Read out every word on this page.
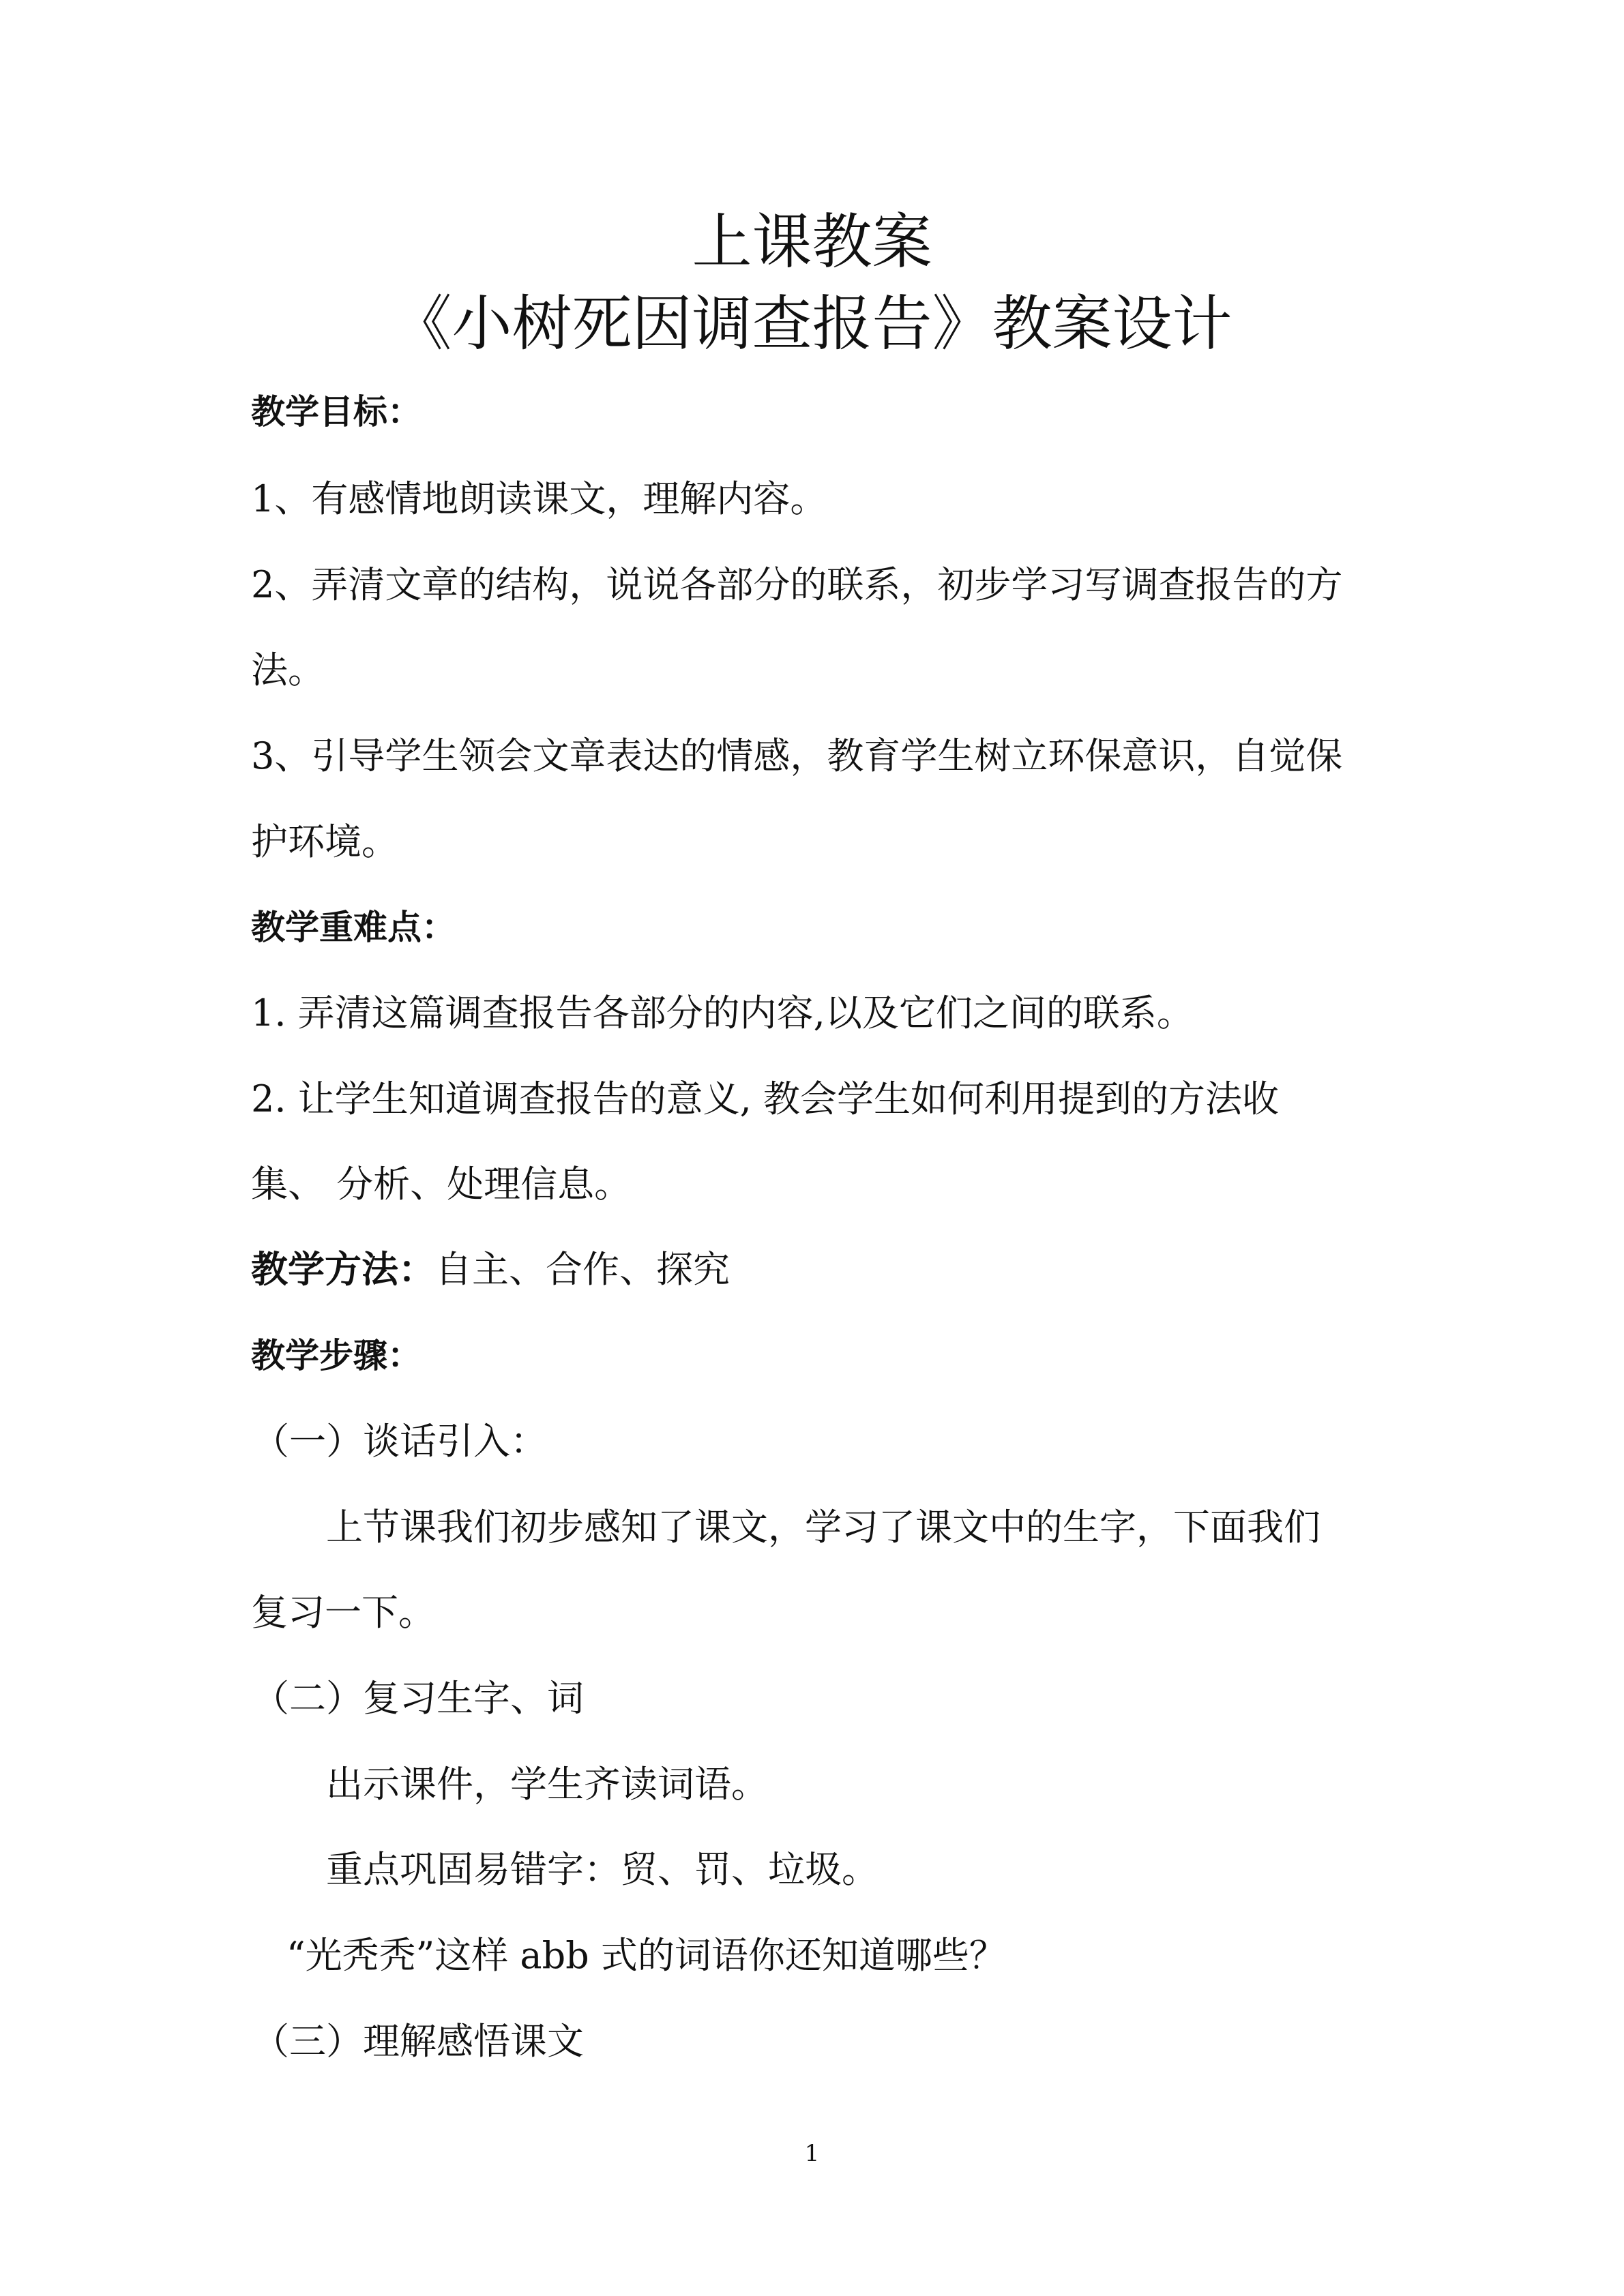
上课教案
《小树死因调查报告》教案设计
教学目标：
1、有感情地朗读课文，理解内容。
2、弄清文章的结构，说说各部分的联系，初步学习写调查报告的方
法。
3、引导学生领会文章表达的情感，教育学生树立环保意识，自觉保
护环境。
教学重难点：
1. 弄清这篇调查报告各部分的内容,以及它们之间的联系。
2. 让学生知道调查报告的意义, 教会学生如何利用提到的方法收
集、 分析、处理信息。
教学方法：自主、合作、探究
教学步骤：
（一）谈话引入：
上节课我们初步感知了课文，学习了课文中的生字，下面我们
复习一下。
（二）复习生字、词
出示课件，学生齐读词语。
重点巩固易错字：贸、罚、垃圾。
“光秃秃”这样 abb 式的词语你还知道哪些？
（三）理解感悟课文
1
